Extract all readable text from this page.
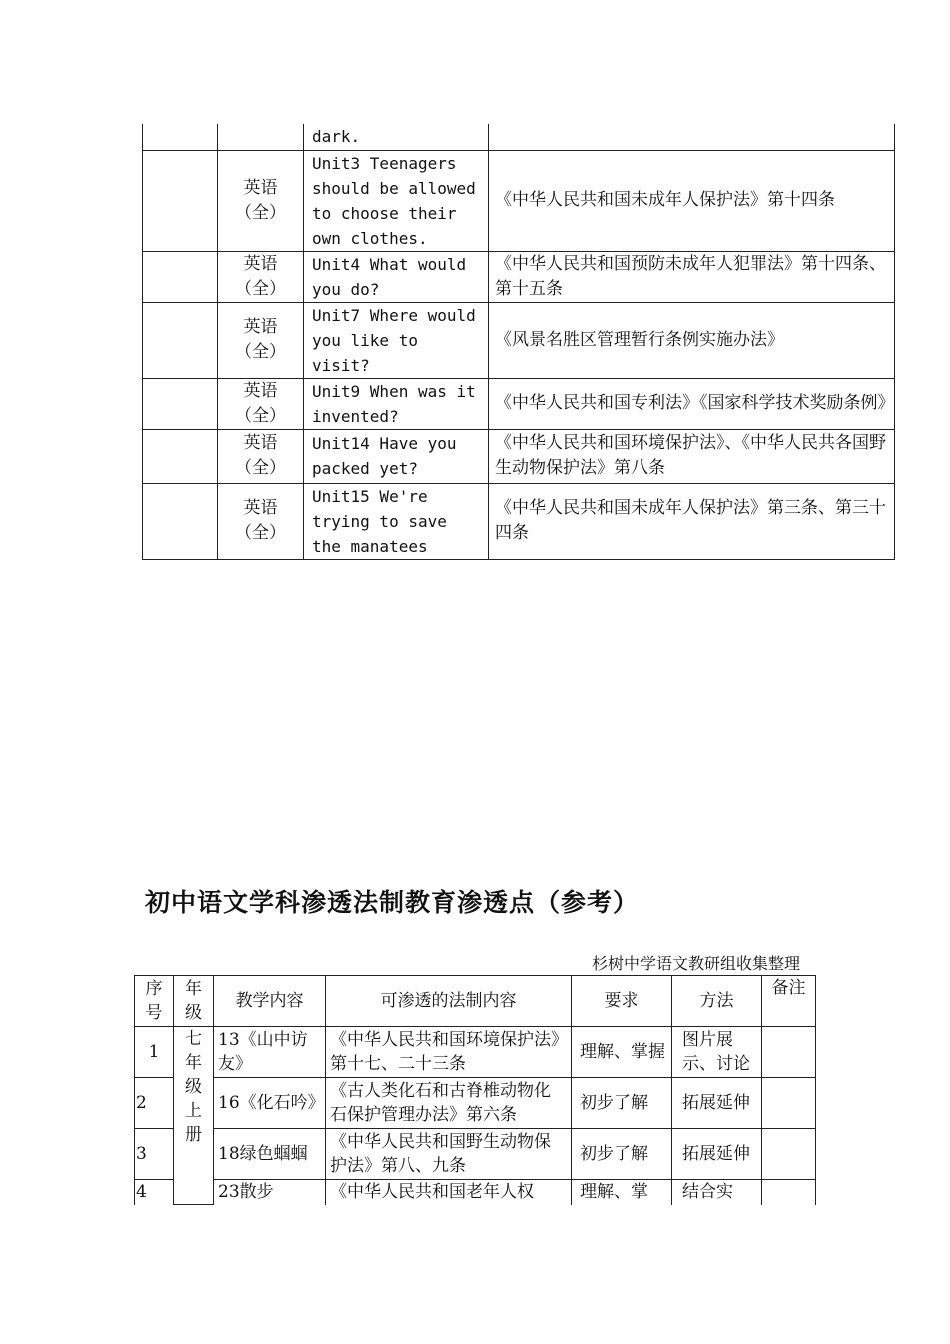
		dark.	
	英语（全）	Unit3 Teenagers should be allowed to choose their own clothes.	《中华人民共和国未成年人保护法》第十四条
	英语（全）	Unit4 What would you do?	《中华人民共和国预防未成年人犯罪法》第十四条、第十五条
	英语（全）	Unit7 Where would you like to visit?	《风景名胜区管理暂行条例实施办法》
	英语（全）	Unit9 When was it invented?	《中华人民共和国专利法》《国家科学技术奖励条例》
	英语（全）	Unit14 Have you packed yet?	《中华人民共和国环境保护法》、《中华人民共各国野生动物保护法》第八条
	英语（全）	Unit15 We're trying to save the manatees	《中华人民共和国未成年人保护法》第三条、第三十四条
初中语文学科渗透法制教育渗透点（参考）

杉树中学语文教研组收集整理

序号	年级	教学内容	可渗透的法制内容	要求	方法	备注
1	七年级上册	13《山中访友》	《中华人民共和国环境保护法》第十七、二十三条	理解、掌握	图片展示、讨论	
2		16《化石吟》	《古人类化石和古脊椎动物化石保护管理办法》第六条	初步了解	拓展延伸	
3		18绿色蝈蝈	《中华人民共和国野生动物保护法》第八、九条	初步了解	拓展延伸	
4		23散步	《中华人民共和国老年人权	理解、掌	结合实	
